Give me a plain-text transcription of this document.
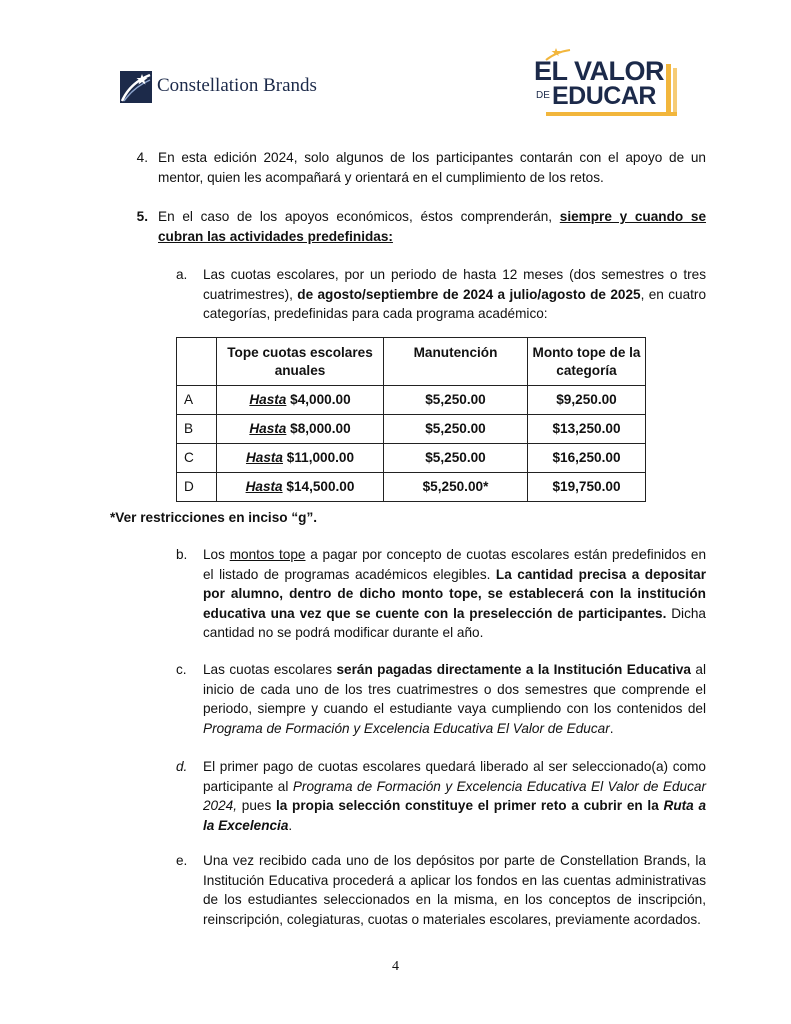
Constellation Brands	EL VALOR
DE EDUCAR
4. En esta edición 2024, solo algunos de los participantes contarán con el apoyo de un mentor, quien les acompañará y orientará en el cumplimiento de los retos.
5. En el caso de los apoyos económicos, éstos comprenderán, siempre y cuando se cubran las actividades predefinidas:
a. Las cuotas escolares, por un periodo de hasta 12 meses (dos semestres o tres cuatrimestres), de agosto/septiembre de 2024 a julio/agosto de 2025, en cuatro categorías, predefinidas para cada programa académico:
	Tope cuotas escolares anuales	Manutención	Monto tope de la categoría
A	Hasta $4,000.00	$5,250.00	$9,250.00
B	Hasta $8,000.00	$5,250.00	$13,250.00
C	Hasta $11,000.00	$5,250.00	$16,250.00
D	Hasta $14,500.00	$5,250.00*	$19,750.00
*Ver restricciones en inciso “g”.
b. Los montos tope a pagar por concepto de cuotas escolares están predefinidos en el listado de programas académicos elegibles. La cantidad precisa a depositar por alumno, dentro de dicho monto tope, se establecerá con la institución educativa una vez que se cuente con la preselección de participantes. Dicha cantidad no se podrá modificar durante el año.
c. Las cuotas escolares serán pagadas directamente a la Institución Educativa al inicio de cada uno de los tres cuatrimestres o dos semestres que comprende el periodo, siempre y cuando el estudiante vaya cumpliendo con los contenidos del Programa de Formación y Excelencia Educativa El Valor de Educar.
d. El primer pago de cuotas escolares quedará liberado al ser seleccionado(a) como participante al Programa de Formación y Excelencia Educativa El Valor de Educar 2024, pues la propia selección constituye el primer reto a cubrir en la Ruta a la Excelencia.
e. Una vez recibido cada uno de los depósitos por parte de Constellation Brands, la Institución Educativa procederá a aplicar los fondos en las cuentas administrativas de los estudiantes seleccionados en la misma, en los conceptos de inscripción, reinscripción, colegiaturas, cuotas o materiales escolares, previamente acordados.
4
